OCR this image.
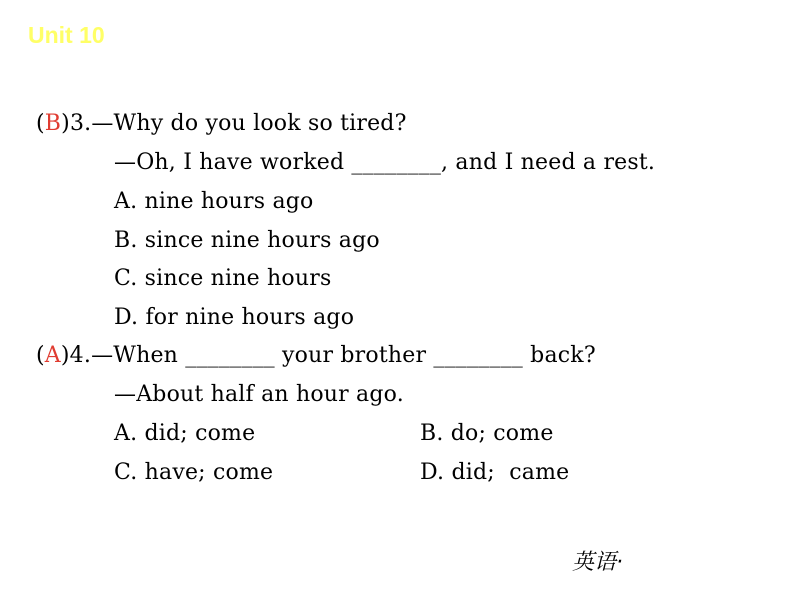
Unit 10
(B)3.—Why do you look so tired?
—Oh, I have worked ________, and I need a rest.
A. nine hours ago
B. since nine hours ago
C. since nine hours
D. for nine hours ago
(A)4.—When ________ your brother ________ back?
—About half an hour ago.
A. did; come	B. do; come
C. have; come	D. did;  came
英语·
